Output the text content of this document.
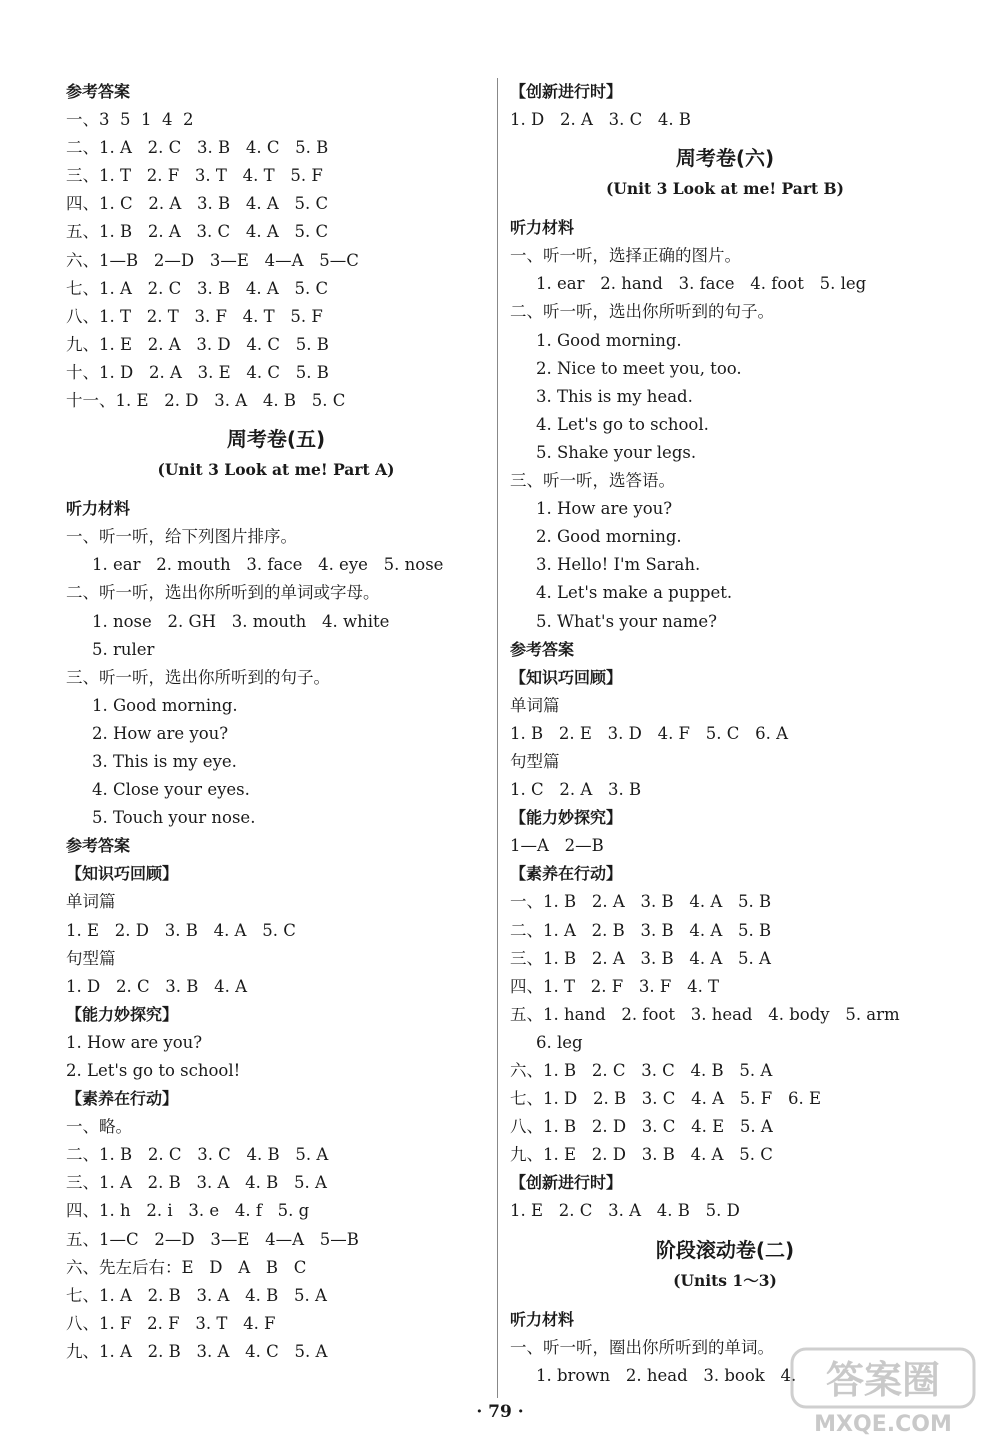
参考答案
一、3  5  1  4  2
二、1. A   2. C   3. B   4. C   5. B
三、1. T   2. F   3. T   4. T   5. F
四、1. C   2. A   3. B   4. A   5. C
五、1. B   2. A   3. C   4. A   5. C
六、1—B   2—D   3—E   4—A   5—C
七、1. A   2. C   3. B   4. A   5. C
八、1. T   2. T   3. F   4. T   5. F
九、1. E   2. A   3. D   4. C   5. B
十、1. D   2. A   3. E   4. C   5. B
十一、1. E   2. D   3. A   4. B   5. C
周考卷(五)
(Unit 3 Look at me! Part A)
听力材料
一、听一听，给下列图片排序。
1. ear   2. mouth   3. face   4. eye   5. nose
二、听一听，选出你所听到的单词或字母。
1. nose   2. GH   3. mouth   4. white
5. ruler
三、听一听，选出你所听到的句子。
1. Good morning.
2. How are you?
3. This is my eye.
4. Close your eyes.
5. Touch your nose.
参考答案
【知识巧回顾】
单词篇
1. E   2. D   3. B   4. A   5. C
句型篇
1. D   2. C   3. B   4. A
【能力妙探究】
1. How are you?
2. Let's go to school!
【素养在行动】
一、略。
二、1. B   2. C   3. C   4. B   5. A
三、1. A   2. B   3. A   4. B   5. A
四、1. h   2. i   3. e   4. f   5. g
五、1—C   2—D   3—E   4—A   5—B
六、先左后右：E   D   A   B   C
七、1. A   2. B   3. A   4. B   5. A
八、1. F   2. F   3. T   4. F
九、1. A   2. B   3. A   4. C   5. A
【创新进行时】
1. D   2. A   3. C   4. B
周考卷(六)
(Unit 3 Look at me! Part B)
听力材料
一、听一听，选择正确的图片。
1. ear   2. hand   3. face   4. foot   5. leg
二、听一听，选出你所听到的句子。
1. Good morning.
2. Nice to meet you, too.
3. This is my head.
4. Let's go to school.
5. Shake your legs.
三、听一听，选答语。
1. How are you?
2. Good morning.
3. Hello! I'm Sarah.
4. Let's make a puppet.
5. What's your name?
参考答案
【知识巧回顾】
单词篇
1. B   2. E   3. D   4. F   5. C   6. A
句型篇
1. C   2. A   3. B
【能力妙探究】
1—A   2—B
【素养在行动】
一、1. B   2. A   3. B   4. A   5. B
二、1. A   2. B   3. B   4. A   5. B
三、1. B   2. A   3. B   4. A   5. A
四、1. T   2. F   3. F   4. T
五、1. hand   2. foot   3. head   4. body   5. arm
6. leg
六、1. B   2. C   3. C   4. B   5. A
七、1. D   2. B   3. C   4. A   5. F   6. E
八、1. B   2. D   3. C   4. E   5. A
九、1. E   2. D   3. B   4. A   5. C
【创新进行时】
1. E   2. C   3. A   4. B   5. D
阶段滚动卷(二)
(Units 1～3)
听力材料
一、听一听，圈出你所听到的单词。
1. brown   2. head   3. book   4.
· 79 ·
答案圈
MXQE.COM
